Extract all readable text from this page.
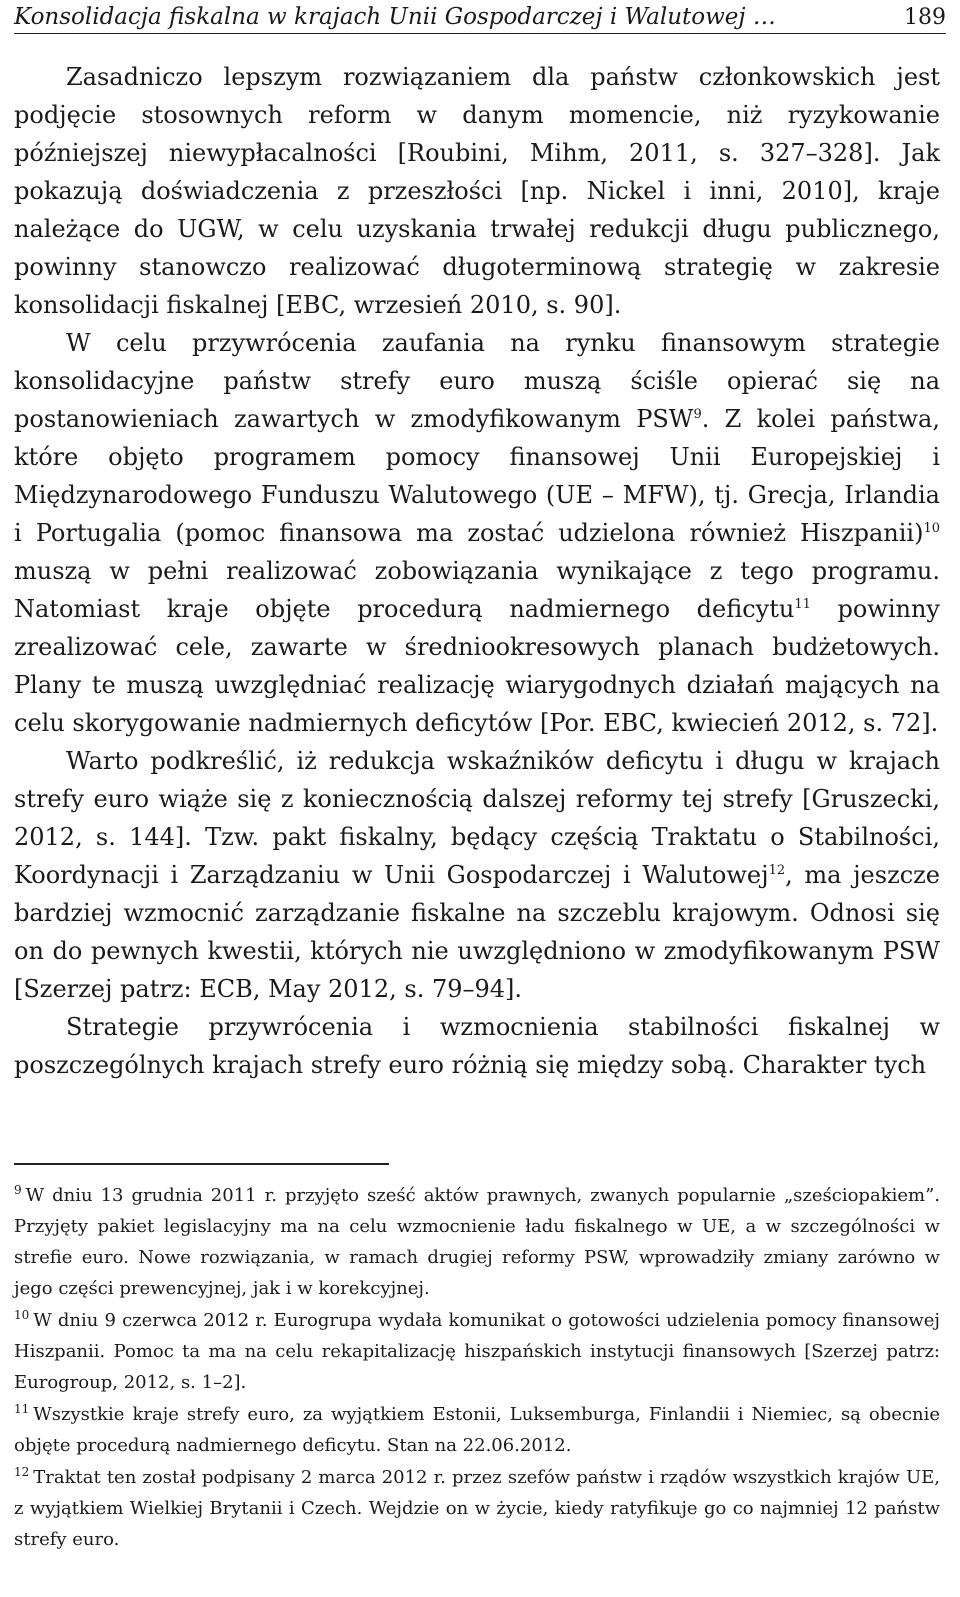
Konsolidacja fiskalna w krajach Unii Gospodarczej i Walutowej …	189

Zasadniczo lepszym rozwiązaniem dla państw członkowskich jest podjęcie stosownych reform w danym momencie, niż ryzykowanie późniejszej niewypłacalności [Roubini, Mihm, 2011, s. 327–328]. Jak pokazują doświadczenia z przeszłości [np. Nickel i inni, 2010], kraje należące do UGW, w celu uzyskania trwałej redukcji długu publicznego, powinny stanowczo realizować długoterminową strategię w zakresie konsolidacji fiskalnej [EBC, wrzesień 2010, s. 90].

W celu przywrócenia zaufania na rynku finansowym strategie konsolidacyjne państw strefy euro muszą ściśle opierać się na postanowieniach zawartych w zmodyfikowanym PSW$^9$. Z kolei państwa, które objęto programem pomocy finansowej Unii Europejskiej i Międzynarodowego Funduszu Walutowego (UE – MFW), tj. Grecja, Irlandia i Portugalia (pomoc finansowa ma zostać udzielona również Hiszpanii)$^{10}$ muszą w pełni realizować zobowiązania wynikające z tego programu. Natomiast kraje objęte procedurą nadmiernego deficytu$^{11}$ powinny zrealizować cele, zawarte w średniookresowych planach budżetowych. Plany te muszą uwzględniać realizację wiarygodnych działań mających na celu skorygowanie nadmiernych deficytów [Por. EBC, kwiecień 2012, s. 72].

Warto podkreślić, iż redukcja wskaźników deficytu i długu w krajach strefy euro wiąże się z koniecznością dalszej reformy tej strefy [Gruszecki, 2012, s. 144]. Tzw. pakt fiskalny, będący częścią Traktatu o Stabilności, Koordynacji i Zarządzaniu w Unii Gospodarczej i Walutowej$^{12}$, ma jeszcze bardziej wzmocnić zarządzanie fiskalne na szczeblu krajowym. Odnosi się on do pewnych kwestii, których nie uwzględniono w zmodyfikowanym PSW [Szerzej patrz: ECB, May 2012, s. 79–94].

Strategie przywrócenia i wzmocnienia stabilności fiskalnej w poszczególnych krajach strefy euro różnią się między sobą. Charakter tych

$^9$ W dniu 13 grudnia 2011 r. przyjęto sześć aktów prawnych, zwanych popularnie „sześciopakiem”. Przyjęty pakiet legislacyjny ma na celu wzmocnienie ładu fiskalnego w UE, a w szczególności w strefie euro. Nowe rozwiązania, w ramach drugiej reformy PSW, wprowadziły zmiany zarówno w jego części prewencyjnej, jak i w korekcyjnej.

$^{10}$ W dniu 9 czerwca 2012 r. Eurogrupa wydała komunikat o gotowości udzielenia pomocy finansowej Hiszpanii. Pomoc ta ma na celu rekapitalizację hiszpańskich instytucji finansowych [Szerzej patrz: Eurogroup, 2012, s. 1–2].

$^{11}$ Wszystkie kraje strefy euro, za wyjątkiem Estonii, Luksemburga, Finlandii i Niemiec, są obecnie objęte procedurą nadmiernego deficytu. Stan na 22.06.2012.

$^{12}$ Traktat ten został podpisany 2 marca 2012 r. przez szefów państw i rządów wszystkich krajów UE, z wyjątkiem Wielkiej Brytanii i Czech. Wejdzie on w życie, kiedy ratyfikuje go co najmniej 12 państw strefy euro.
